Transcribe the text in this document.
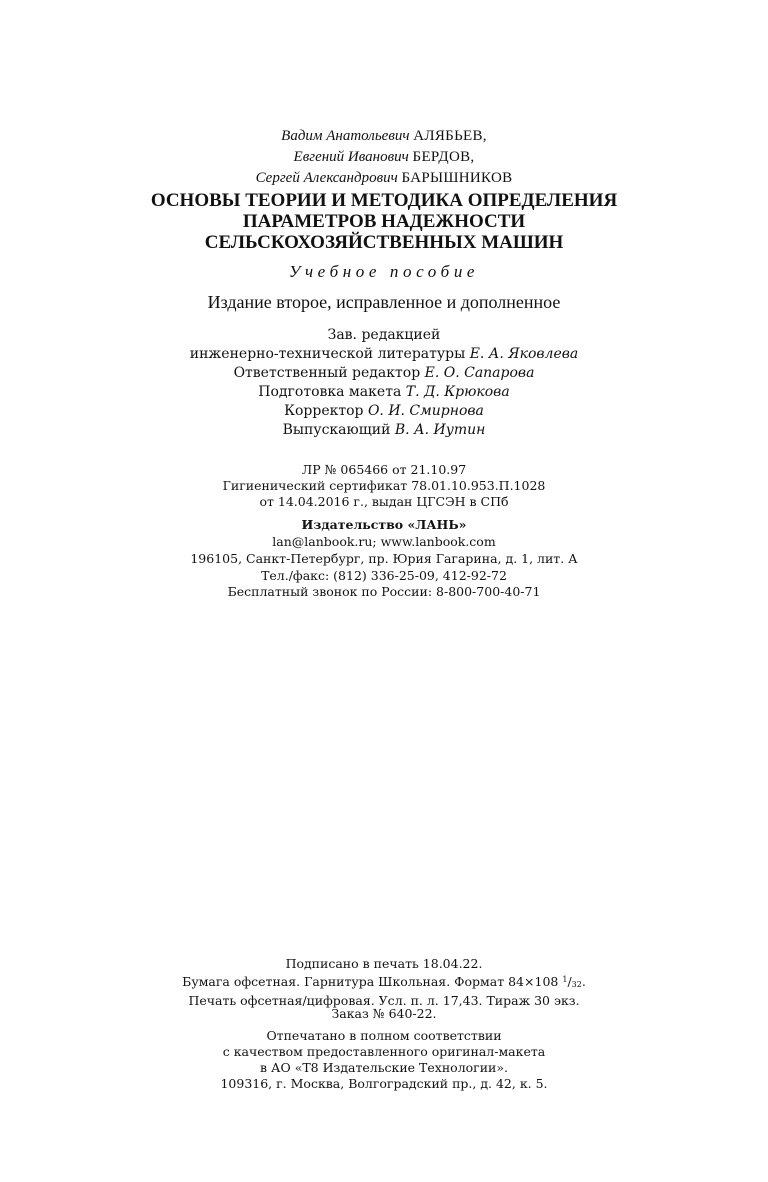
Вадим Анатольевич АЛЯБЬЕВ,
Евгений Иванович БЕРДОВ,
Сергей Александрович БАРЫШНИКОВ
ОСНОВЫ ТЕОРИИ И МЕТОДИКА ОПРЕДЕЛЕНИЯ
ПАРАМЕТРОВ НАДЕЖНОСТИ
СЕЛЬСКОХОЗЯЙСТВЕННЫХ МАШИН
Учебное пособие
Издание второе, исправленное и дополненное
Зав. редакцией
инженерно-технической литературы Е. А. Яковлева
Ответственный редактор Е. О. Сапарова
Подготовка макета Т. Д. Крюкова
Корректор О. И. Смирнова
Выпускающий В. А. Иутин
ЛР № 065466 от 21.10.97
Гигиенический сертификат 78.01.10.953.П.1028
от 14.04.2016 г., выдан ЦГСЭН в СПб
Издательство «ЛАНЬ»
lan@lanbook.ru; www.lanbook.com
196105, Санкт-Петербург, пр. Юрия Гагарина, д. 1, лит. А
Тел./факс: (812) 336-25-09, 412-92-72
Бесплатный звонок по России: 8-800-700-40-71
Подписано в печать 18.04.22.
Бумага офсетная. Гарнитура Школьная. Формат 84×108 $^1/_{32}$.
Печать офсетная/цифровая. Усл. п. л. 17,43. Тираж 30 экз.
Заказ № 640-22.
Отпечатано в полном соответствии
с качеством предоставленного оригинал-макета
в АО «Т8 Издательские Технологии».
109316, г. Москва, Волгоградский пр., д. 42, к. 5.
